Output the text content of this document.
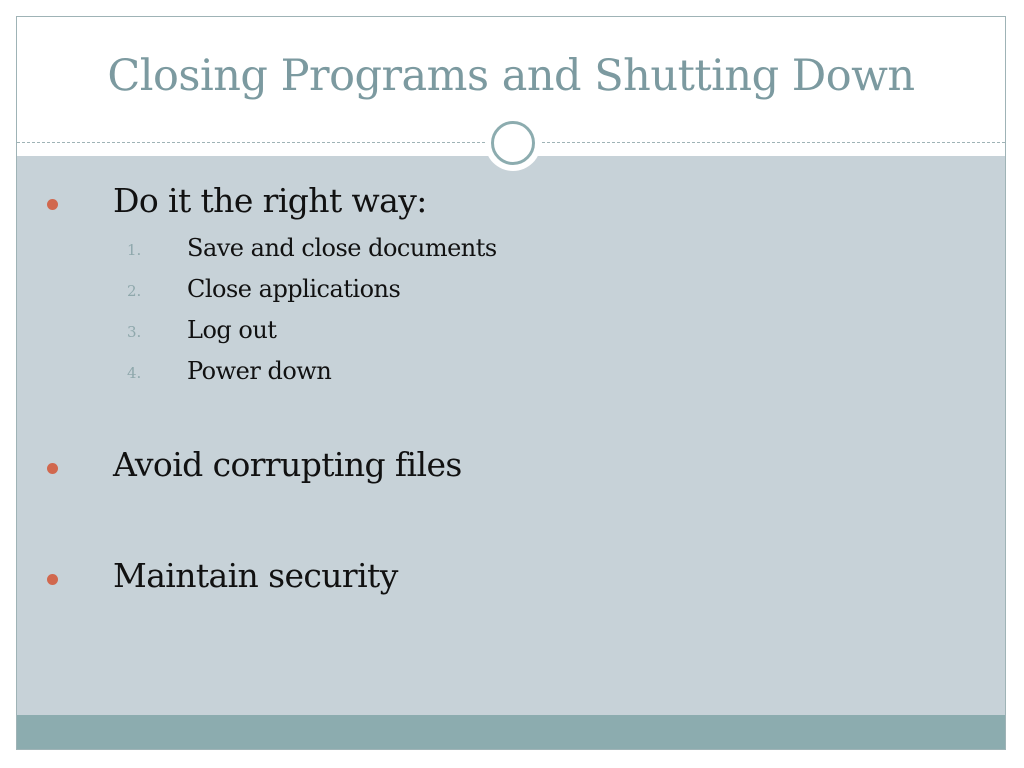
Closing Programs and Shutting Down
Do it the right way:
1. Save and close documents
2. Close applications
3. Log out
4. Power down
Avoid corrupting files
Maintain security
